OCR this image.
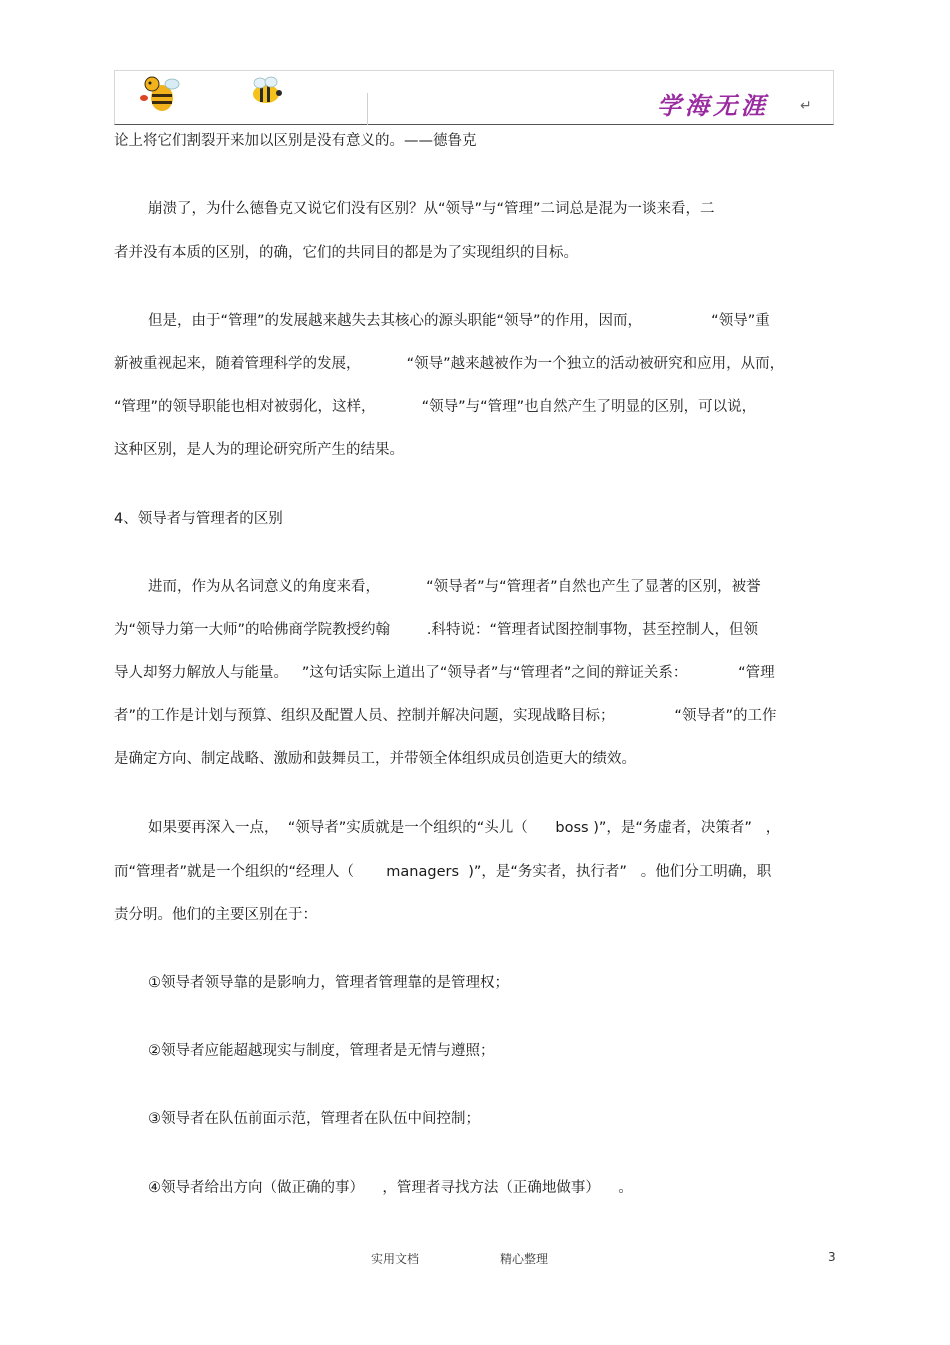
学海无涯 ↵
论上将它们割裂开来加以区别是没有意义的。——德鲁克
崩溃了，为什么德鲁克又说它们没有区别？从“领导”与“管理”二词总是混为一谈来看，二
者并没有本质的区别，的确，它们的共同目的都是为了实现组织的目标。
但是，由于“管理”的发展越来越失去其核心的源头职能“领导”的作用，因而，               “领导”重
新被重视起来，随着管理科学的发展，          “领导”越来越被作为一个独立的活动被研究和应用，从而，
“管理”的领导职能也相对被弱化，这样，          “领导”与“管理”也自然产生了明显的区别，可以说，
这种区别，是人为的理论研究所产生的结果。
4、领导者与管理者的区别
进而，作为从名词意义的角度来看，          “领导者”与“管理者”自然也产生了显著的区别，被誉
为“领导力第一大师”的哈佛商学院教授约翰        .科特说：“管理者试图控制事物，甚至控制人，但领
导人却努力解放人与能量。   ”这句话实际上道出了“领导者”与“管理者”之间的辩证关系：           “管理
者”的工作是计划与预算、组织及配置人员、控制并解决问题，实现战略目标；             “领导者”的工作
是确定方向、制定战略、激励和鼓舞员工，并带领全体组织成员创造更大的绩效。
如果要再深入一点，  “领导者”实质就是一个组织的“头儿（      boss )”，是“务虚者，决策者”   ，
而“管理者”就是一个组织的“经理人（       managers  )”，是“务实者，执行者”   。他们分工明确，职
责分明。他们的主要区别在于：
①领导者领导靠的是影响力，管理者管理靠的是管理权；
②领导者应能超越现实与制度，管理者是无情与遵照；
③领导者在队伍前面示范，管理者在队伍中间控制；
④领导者给出方向（做正确的事）    ，管理者寻找方法（正确地做事）    。
实用文档	精心整理	3
